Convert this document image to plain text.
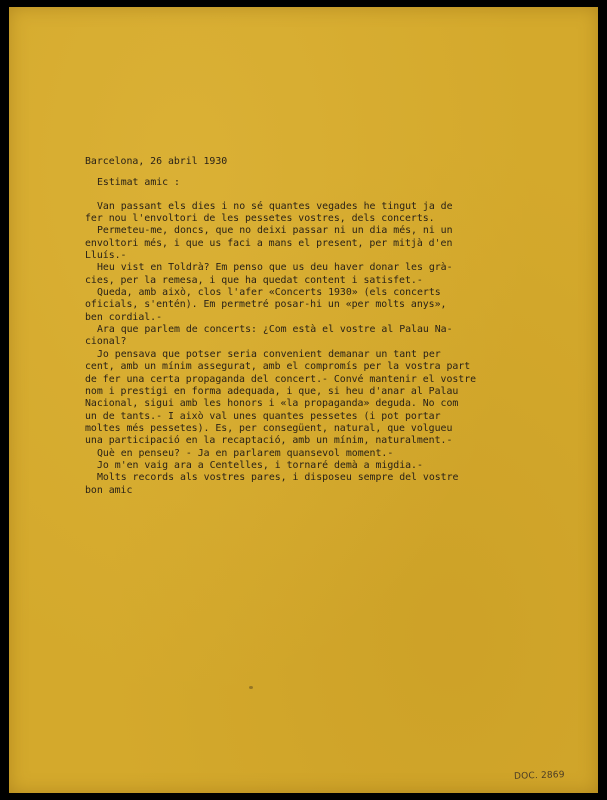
Barcelona, 26 abril 1930
Estimat amic :
Van passant els dies i no sé quantes vegades he tingut ja de
fer nou l'envoltori de les pessetes vostres, dels concerts.
Permeteu-me, doncs, que no deixi passar ni un dia més, ni un
envoltori més, i que us faci a mans el present, per mitjà d'en
Lluís.-
Heu vist en Toldrà? Em penso que us deu haver donar les grà-
cies, per la remesa, i que ha quedat content i satisfet.-
Queda, amb això, clos l'afer «Concerts 1930» (els concerts
oficials, s'entén). Em permetré posar-hi un «per molts anys»,
ben cordial.-
Ara que parlem de concerts: ¿Com està el vostre al Palau Na-
cional?
Jo pensava que potser seria convenient demanar un tant per
cent, amb un mínim assegurat, amb el compromís per la vostra part
de fer una certa propaganda del concert.- Convé mantenir el vostre
nom i prestigi en forma adequada, i que, si heu d'anar al Palau
Nacional, sigui amb les honors i «la propaganda» deguda. No com
un de tants.- I això val unes quantes pessetes (i pot portar
moltes més pessetes). Es, per consegüent, natural, que volgueu
una participació en la recaptació, amb un mínim, naturalment.-
Què en penseu? - Ja en parlarem quansevol moment.-
Jo m'en vaig ara a Centelles, i tornaré demà a migdia.-
Molts records als vostres pares, i disposeu sempre del vostre
bon amic
DOC. 2869
